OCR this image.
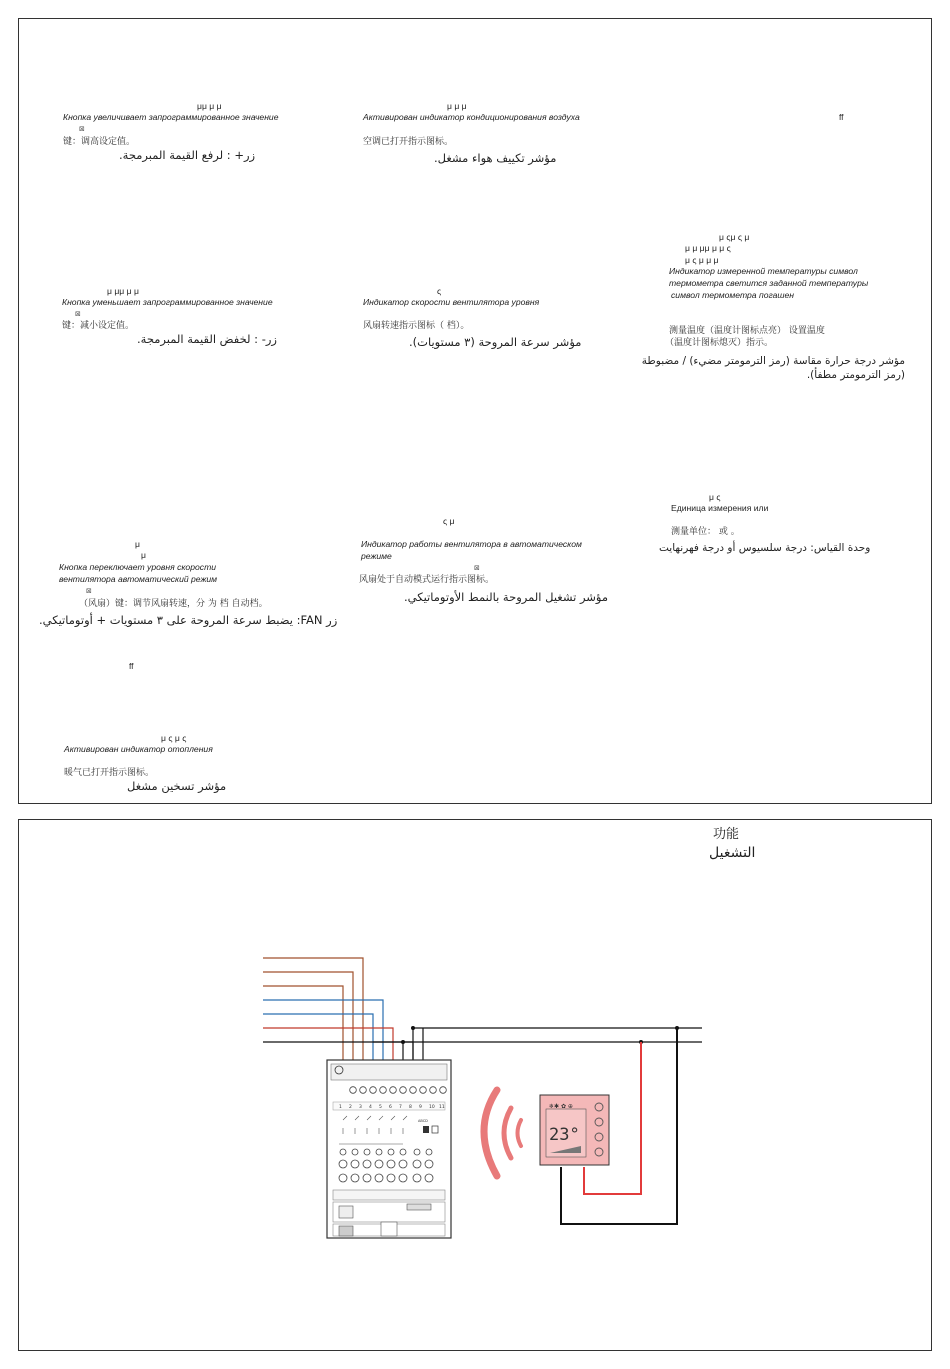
μμ μ μ
Кнопка увеличивает запрограммированное значение
⊠
键：调高设定值。
زر+ : لرفع القيمة المبرمجة.
μ μμ μ μ
Кнопка уменьшает запрограммированное значение
⊠
键：减小设定值。
زر- : لخفض القيمة المبرمجة.
μ
μ
Кнопка переключает уровня скорости
вентилятора автоматический режим
⊠
（风扇）键：调节风扇转速，分 为 档 自动档。
زر FAN: يضبط سرعة المروحة على ٣ مستويات + أوتوماتيكي.
ff
μ ς μ ς
Активирован индикатор отопления
暖气已打开指示图标。
مؤشر تسخين مشغل
μ μ μ
Активирован индикатор кондиционирования воздуха
空调已打开指示图标。
مؤشر تكييف هواء مشغل.
ς
Индикатор скорости вентилятора уровня
风扇转速指示图标（ 档）。
مؤشر سرعة المروحة (٣ مستويات).
ς μ
Индикатор работы вентилятора в автоматическом
режиме
⊠
风扇处于自动模式运行指示图标。
مؤشر تشغيل المروحة بالنمط الأوتوماتيكي.
ff
μ ςμ ς μ
μ μ μμ μ μ ς
μ ς μ μ μ
Индикатор измеренной температуры символ
термометра светится заданной температуры
символ термометра погашен
测量温度（温度计图标点亮） 设置温度
（温度计图标熄灭）指示。
مؤشر درجة حرارة مقاسة (رمز الترمومتر مضيء) / مضبوطة (رمز الترمومتر مطفأ).
μ ς
Единица измерения или
测量单位： 或 。
وحدة القياس: درجة سلسيوس أو درجة فهرنهايت
功能
التشغيل
1 2 3 4 5 6 7 8 9 10 11
ABCD
❄✱ ✿ ⊕
23°
